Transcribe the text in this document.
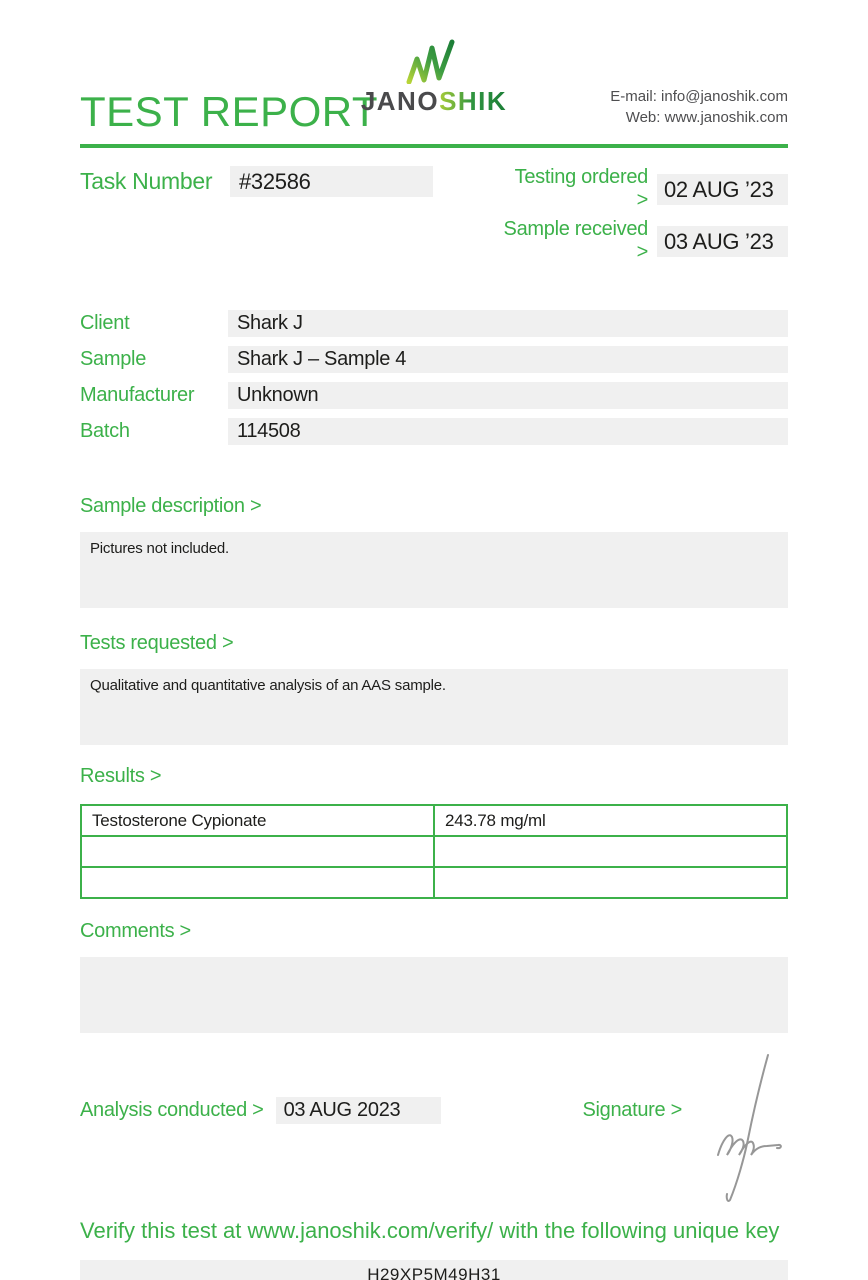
TEST REPORT
JANOSHIK	E-mail: info@janoshik.com
Web: www.janoshik.com
Task Number	#32586	Testing ordered > 02 AUG ’23
Sample received > 03 AUG ’23
Client	Shark J
Sample	Shark J – Sample 4
Manufacturer	Unknown
Batch	114508
Sample description >
Pictures not included.
Tests requested >
Qualitative and quantitative analysis of an AAS sample.
Results >
Testosterone Cypionate	243.78 mg/ml

Comments >
Analysis conducted >	03 AUG 2023	Signature >
Verify this test at www.janoshik.com/verify/ with the following unique key
H29XP5M49H31
